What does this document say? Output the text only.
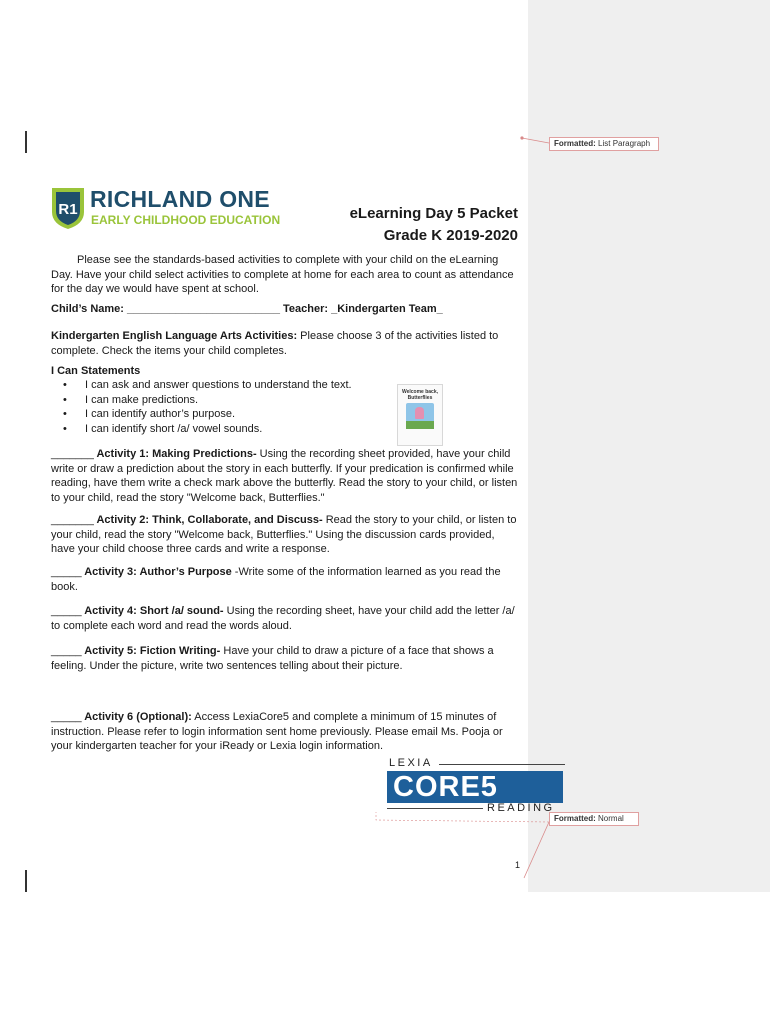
Formatted: List Paragraph
Formatted: Normal
R1 RICHLAND ONE
EARLY CHILDHOOD EDUCATION	eLearning Day 5 Packet
Grade K 2019-2020
Please see the standards-based activities to complete with your child on the eLearning Day. Have your child select activities to complete at home for each area to count as attendance for the day we would have spent at school.
Child’s Name: _________________________ Teacher: _Kindergarten Team_
Kindergarten English Language Arts Activities: Please choose 3 of the activities listed to complete. Check the items your child completes.
I Can Statements
• I can ask and answer questions to understand the text.
• I can make predictions.
• I can identify author’s purpose.
• I can identify short /a/ vowel sounds.
Welcome back, Butterflies
_______ Activity 1: Making Predictions- Using the recording sheet provided, have your child write or draw a prediction about the story in each butterfly. If your predication is confirmed while reading, have them write a check mark above the butterfly. Read the story to your child, or listen to your child, read the story "Welcome back, Butterflies."
_______ Activity 2: Think, Collaborate, and Discuss- Read the story to your child, or listen to your child, read the story "Welcome back, Butterflies." Using the discussion cards provided, have your child choose three cards and write a response.
_____ Activity 3: Author’s Purpose -Write some of the information learned as you read the book.
_____ Activity 4: Short /a/ sound- Using the recording sheet, have your child add the letter /a/ to complete each word and read the words aloud.
_____ Activity 5: Fiction Writing- Have your child to draw a picture of a face that shows a feeling. Under the picture, write two sentences telling about their picture.
_____ Activity 6 (Optional): Access LexiaCore5 and complete a minimum of 15 minutes of instruction. Please refer to login information sent home previously. Please email Ms. Pooja or your kindergarten teacher for your iReady or Lexia login information.
LEXIA
CORE5
READING
1
